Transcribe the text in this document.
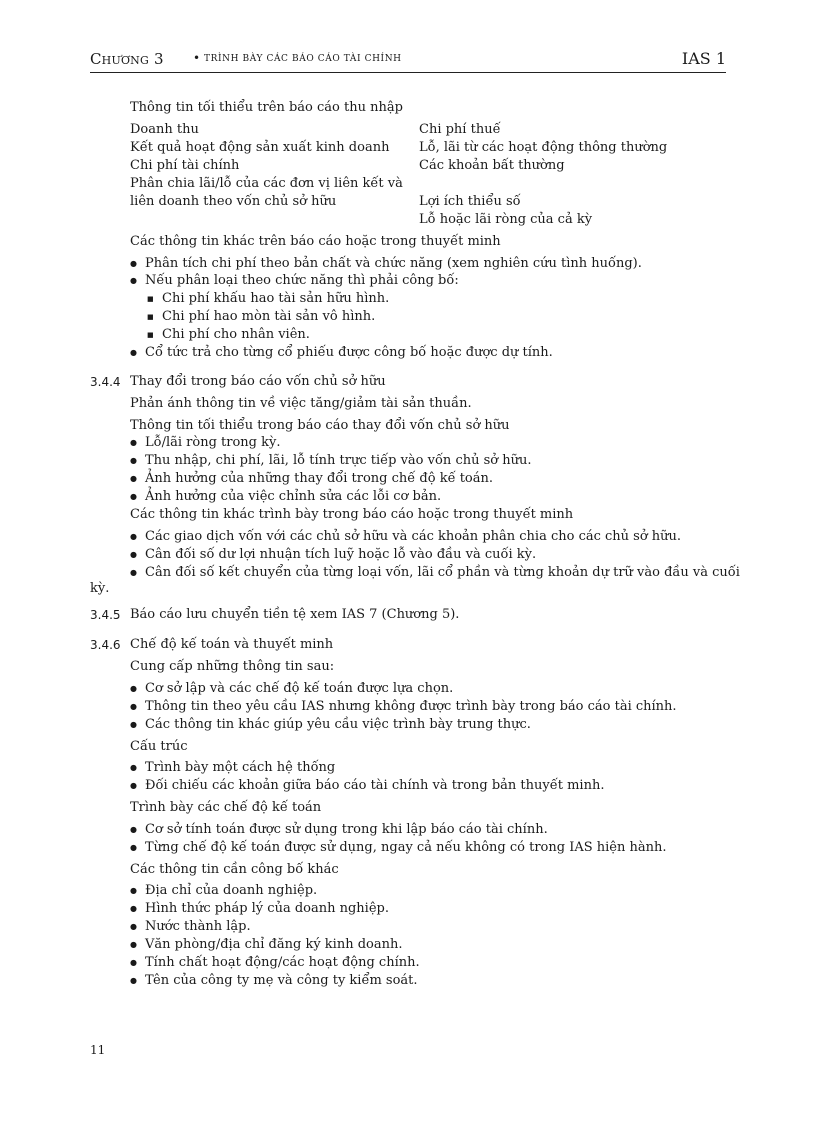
Chương 3 • TRÌNH BÀY CÁC BÁO CÁO TÀI CHÍNH	IAS 1
Thông tin tối thiểu trên báo cáo thu nhập
Doanh thu
Kết quả hoạt động sản xuất kinh doanh
Chi phí tài chính
Phân chia lãi/lỗ của các đơn vị liên kết và
liên doanh theo vốn chủ sở hữu
Chi phí thuế
Lỗ, lãi từ các hoạt động thông thường
Các khoản bất thường
Lợi ích thiểu số
Lỗ hoặc lãi ròng của cả kỳ
Các thông tin khác trên báo cáo hoặc trong thuyết minh
Phân tích chi phí theo bản chất và chức năng (xem nghiên cứu tình huống).
Nếu phân loại theo chức năng thì phải công bố:
Chi phí khấu hao tài sản hữu hình.
Chi phí hao mòn tài sản vô hình.
Chi phí cho nhân viên.
Cổ tức trả cho từng cổ phiếu được công bố hoặc được dự tính.
3.4.4 Thay đổi trong báo cáo vốn chủ sở hữu
Phản ánh thông tin về việc tăng/giảm tài sản thuần.
Thông tin tối thiểu trong báo cáo thay đổi vốn chủ sở hữu
Lỗ/lãi ròng trong kỳ.
Thu nhập, chi phí, lãi, lỗ tính trực tiếp vào vốn chủ sở hữu.
Ảnh hưởng của những thay đổi trong chế độ kế toán.
Ảnh hưởng của việc chỉnh sửa các lỗi cơ bản.
Các thông tin khác trình bày trong báo cáo hoặc trong thuyết minh
Các giao dịch vốn với các chủ sở hữu và các khoản phân chia cho các chủ sở hữu.
Cân đối số dư lợi nhuận tích luỹ hoặc lỗ vào đầu và cuối kỳ.
Cân đối số kết chuyển của từng loại vốn, lãi cổ phần và từng khoản dự trữ vào đầu và cuối
kỳ.
3.4.5 Báo cáo lưu chuyển tiền tệ xem IAS 7 (Chương 5).
3.4.6 Chế độ kế toán và thuyết minh
Cung cấp những thông tin sau:
Cơ sở lập và các chế độ kế toán được lựa chọn.
Thông tin theo yêu cầu IAS nhưng không được trình bày trong báo cáo tài chính.
Các thông tin khác giúp yêu cầu việc trình bày trung thực.
Cấu trúc
Trình bày một cách hệ thống
Đối chiếu các khoản giữa báo cáo tài chính và trong bản thuyết minh.
Trình bày các chế độ kế toán
Cơ sở tính toán được sử dụng trong khi lập báo cáo tài chính.
Từng chế độ kế toán được sử dụng, ngay cả nếu không có trong IAS hiện hành.
Các thông tin cần công bố khác
Địa chỉ của doanh nghiệp.
Hình thức pháp lý của doanh nghiệp.
Nước thành lập.
Văn phòng/địa chỉ đăng ký kinh doanh.
Tính chất hoạt động/các hoạt động chính.
Tên của công ty mẹ và công ty kiểm soát.
11
